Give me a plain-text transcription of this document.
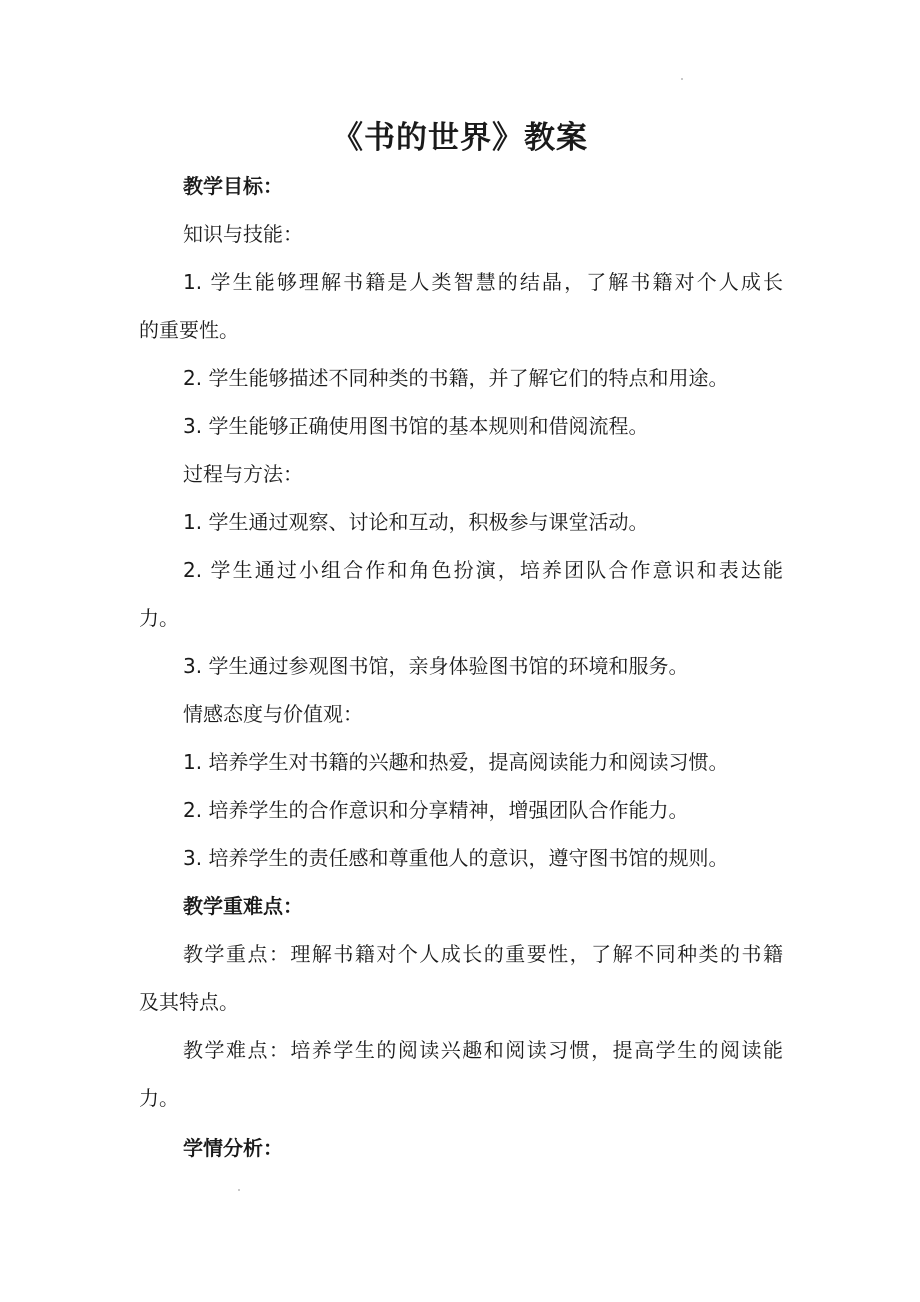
《书的世界》教案
教学目标：
知识与技能：
1. 学生能够理解书籍是人类智慧的结晶，了解书籍对个人成长
的重要性。
2. 学生能够描述不同种类的书籍，并了解它们的特点和用途。
3. 学生能够正确使用图书馆的基本规则和借阅流程。
过程与方法：
1. 学生通过观察、讨论和互动，积极参与课堂活动。
2. 学生通过小组合作和角色扮演，培养团队合作意识和表达能
力。
3. 学生通过参观图书馆，亲身体验图书馆的环境和服务。
情感态度与价值观：
1. 培养学生对书籍的兴趣和热爱，提高阅读能力和阅读习惯。
2. 培养学生的合作意识和分享精神，增强团队合作能力。
3. 培养学生的责任感和尊重他人的意识，遵守图书馆的规则。
教学重难点：
教学重点：理解书籍对个人成长的重要性，了解不同种类的书籍
及其特点。
教学难点：培养学生的阅读兴趣和阅读习惯，提高学生的阅读能
力。
学情分析：
